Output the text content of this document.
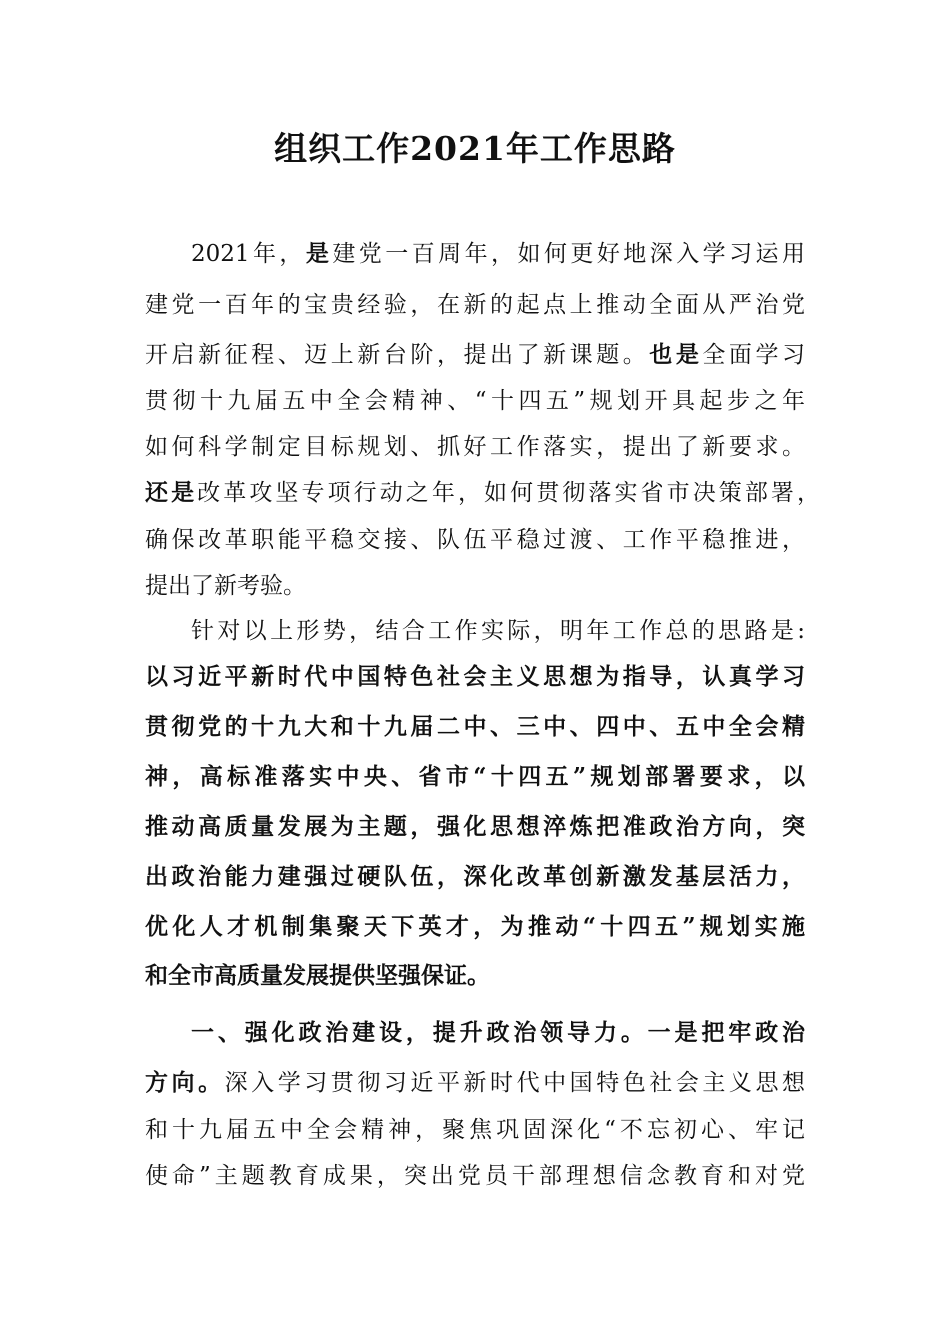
组织工作2021年工作思路
2021年，是建党一百周年，如何更好地深入学习运用
建党一百年的宝贵经验，在新的起点上推动全面从严治党
开启新征程、迈上新台阶，提出了新课题。也是全面学习
贯彻十九届五中全会精神、“十四五”规划开具起步之年
如何科学制定目标规划、抓好工作落实，提出了新要求。
还是改革攻坚专项行动之年，如何贯彻落实省市决策部署，
确保改革职能平稳交接、队伍平稳过渡、工作平稳推进，
提出了新考验。
针对以上形势，结合工作实际，明年工作总的思路是:
以习近平新时代中国特色社会主义思想为指导，认真学习
贯彻党的十九大和十九届二中、三中、四中、五中全会精
神，高标准落实中央、省市“十四五”规划部署要求，以
推动高质量发展为主题，强化思想淬炼把准政治方向，突
出政治能力建强过硬队伍，深化改革创新激发基层活力，
优化人才机制集聚天下英才，为推动“十四五”规划实施
和全市高质量发展提供坚强保证。
一、强化政治建设，提升政治领导力。一是把牢政治
方向。深入学习贯彻习近平新时代中国特色社会主义思想
和十九届五中全会精神，聚焦巩固深化“不忘初心、牢记
使命”主题教育成果，突出党员干部理想信念教育和对党
